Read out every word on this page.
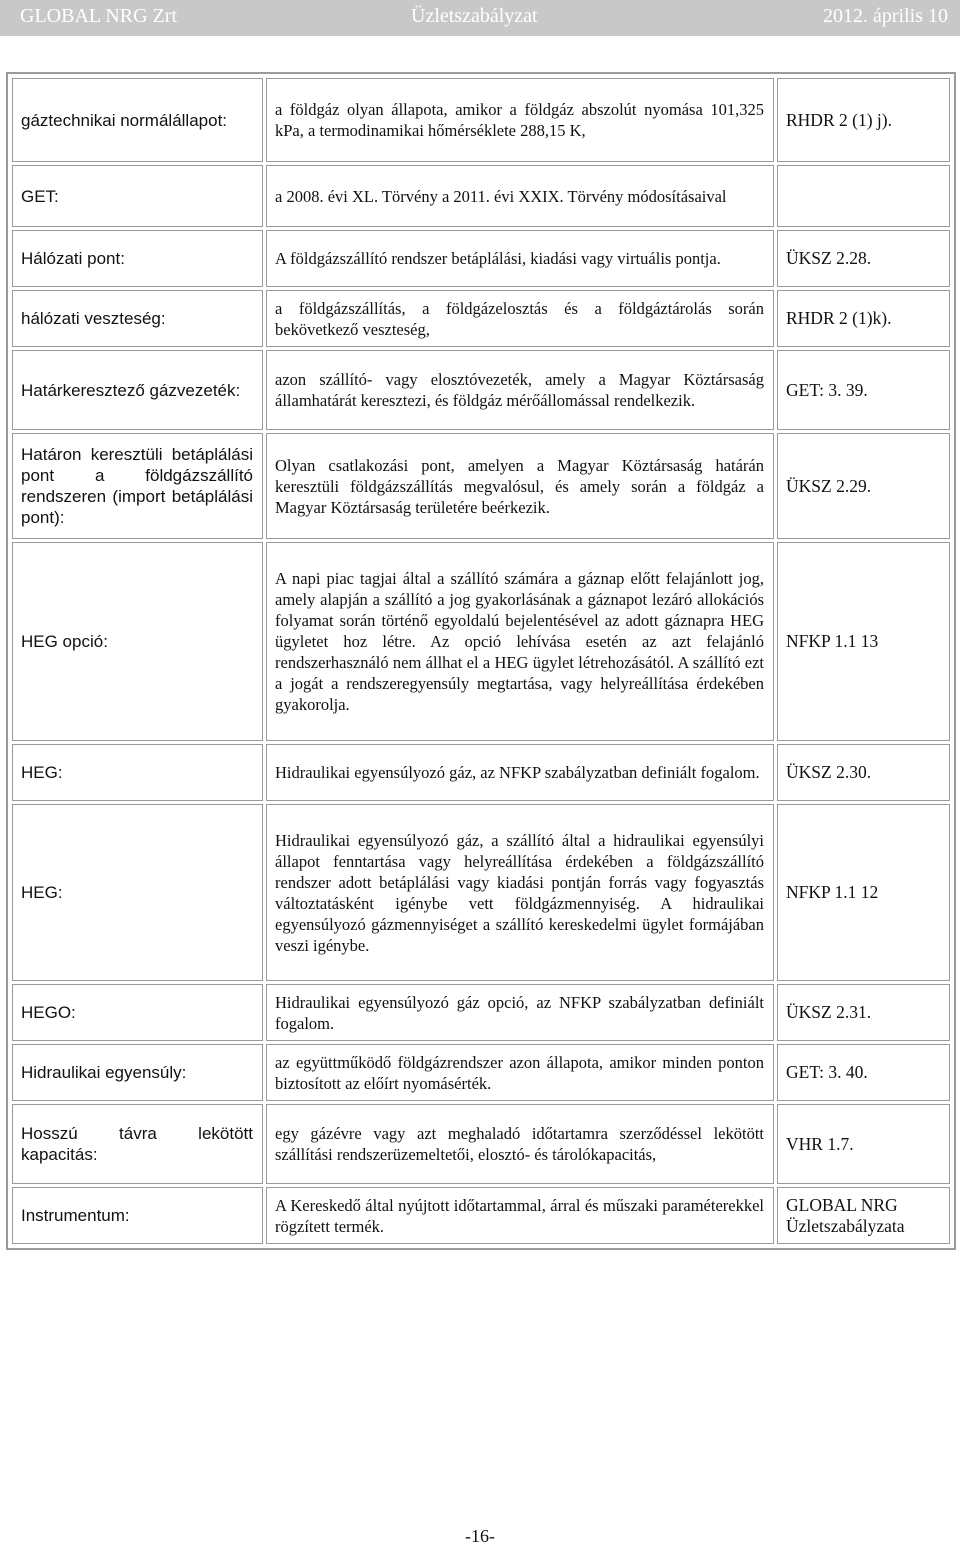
GLOBAL NRG Zrt	Üzletszabályzat	2012. április 10
gáztechnikai normálállapot:	a földgáz olyan állapota, amikor a földgáz abszolút nyomása 101,325 kPa, a termodinamikai hőmérséklete 288,15 K,	RHDR 2 (1) j).
GET:	a 2008. évi XL. Törvény a 2011. évi XXIX. Törvény módosításaival	
Hálózati pont:	A földgázszállító rendszer betáplálási, kiadási vagy virtuális pontja.	ÜKSZ 2.28.
hálózati veszteség:	a földgázszállítás, a földgázelosztás és a földgáztárolás során bekövetkező veszteség,	RHDR 2 (1)k).
Határkeresztező gázvezeték:	azon szállító- vagy elosztóvezeték, amely a Magyar Köztársaság államhatárát keresztezi, és földgáz mérőállomással rendelkezik.	GET: 3. 39.
Határon keresztüli betáplálási pont a földgázszállító rendszeren (import betáplálási pont):	Olyan csatlakozási pont, amelyen a Magyar Köztársaság határán keresztüli földgázszállítás megvalósul, és amely során a földgáz a Magyar Köztársaság területére beérkezik.	ÜKSZ 2.29.
HEG opció:	A napi piac tagjai által a szállító számára a gáznap előtt felajánlott jog, amely alapján a szállító a jog gyakorlásának a gáznapot lezáró allokációs folyamat során történő egyoldalú bejelentésével az adott gáznapra HEG ügyletet hoz létre. Az opció lehívása esetén az azt felajánló rendszerhasználó nem állhat el a HEG ügylet létrehozásától. A szállító ezt a jogát a rendszeregyensúly megtartása, vagy helyreállítása érdekében gyakorolja.	NFKP 1.1 13
HEG:	Hidraulikai egyensúlyozó gáz, az NFKP szabályzatban definiált fogalom.	ÜKSZ 2.30.
HEG:	Hidraulikai egyensúlyozó gáz, a szállító által a hidraulikai egyensúlyi állapot fenntartása vagy helyreállítása érdekében a földgázszállító rendszer adott betáplálási vagy kiadási pontján forrás vagy fogyasztás változtatásként igénybe vett földgázmennyiség. A hidraulikai egyensúlyozó gázmennyiséget a szállító kereskedelmi ügylet formájában veszi igénybe.	NFKP 1.1 12
HEGO:	Hidraulikai egyensúlyozó gáz opció, az NFKP szabályzatban definiált fogalom.	ÜKSZ 2.31.
Hidraulikai egyensúly:	az együttműködő földgázrendszer azon állapota, amikor minden ponton biztosított az előírt nyomásérték.	GET: 3. 40.
Hosszú távra lekötött kapacitás:	egy gázévre vagy azt meghaladó időtartamra szerződéssel lekötött szállítási rendszerüzemeltetői, elosztó- és tárolókapacitás,	VHR 1.7.
Instrumentum:	A Kereskedő által nyújtott időtartammal, árral és műszaki paraméterekkel rögzített termék.	GLOBAL NRG Üzletszabályzata
-16-
